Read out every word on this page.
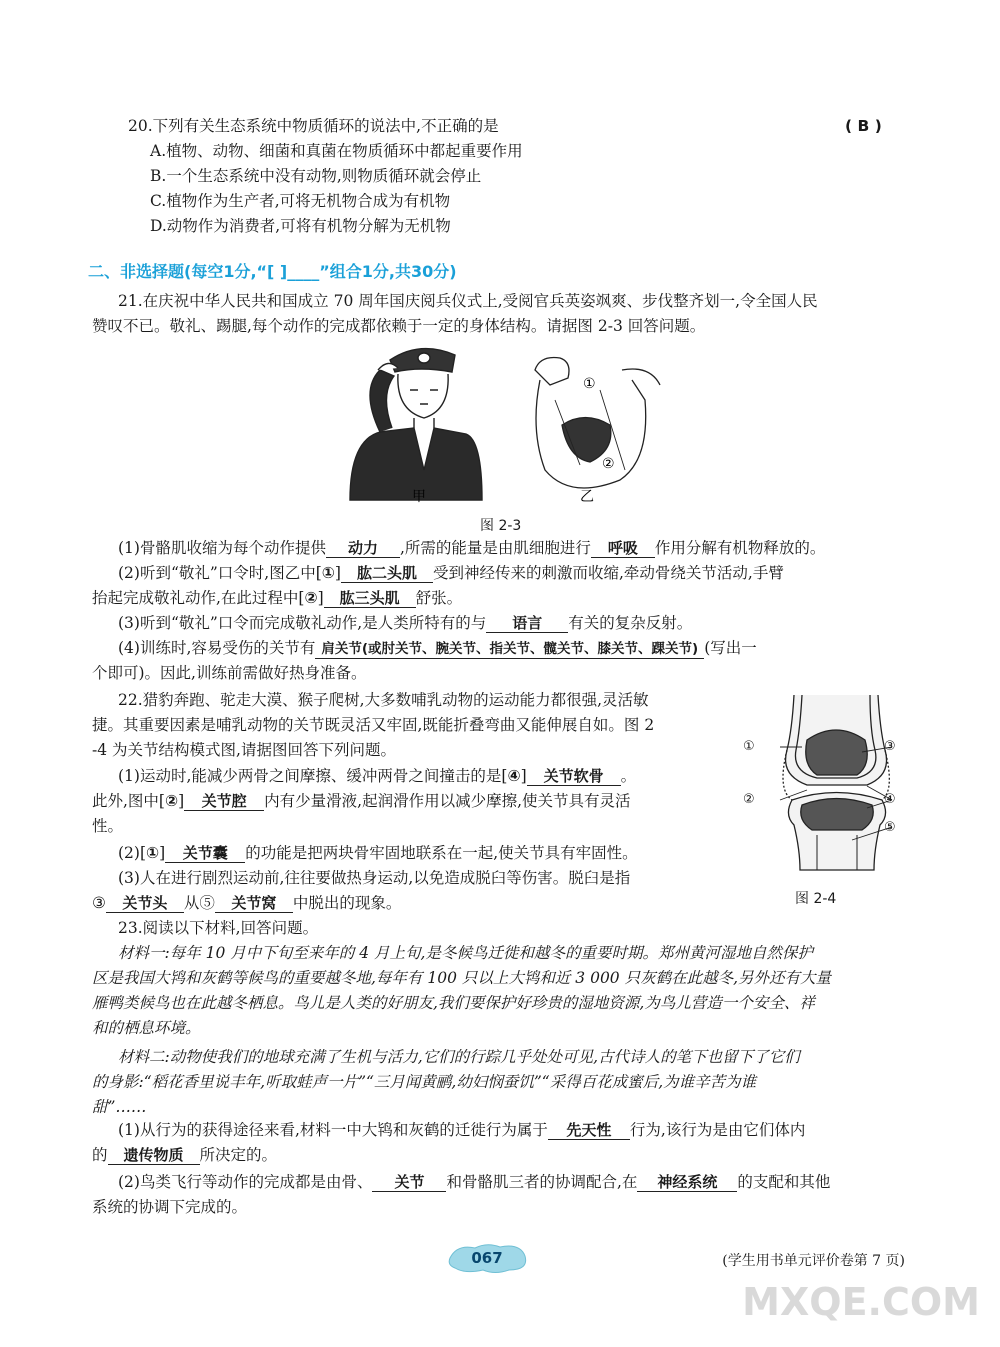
20.下列有关生态系统中物质循环的说法中,不正确的是	( B )
A.植物、动物、细菌和真菌在物质循环中都起重要作用
B.一个生态系统中没有动物,则物质循环就会停止
C.植物作为生产者,可将无机物合成为有机物
D.动物作为消费者,可将有机物分解为无机物
二、非选择题(每空1分,“[ ]____”组合1分,共30分)
21.在庆祝中华人民共和国成立 70 周年国庆阅兵仪式上,受阅官兵英姿飒爽、步伐整齐划一,令全国人民
赞叹不已。敬礼、踢腿,每个动作的完成都依赖于一定的身体结构。请据图 2-3 回答问题。
①
②
甲	乙
图 2-3
(1)骨骼肌收缩为每个动作提供 动力 ,所需的能量是由肌细胞进行 呼吸 作用分解有机物释放的。
(2)听到“敬礼”口令时,图乙中[①] 肱二头肌 受到神经传来的刺激而收缩,牵动骨绕关节活动,手臂
抬起完成敬礼动作,在此过程中[②] 肱三头肌 舒张。
(3)听到“敬礼”口令而完成敬礼动作,是人类所特有的与 语言 有关的复杂反射。
(4)训练时,容易受伤的关节有 肩关节(或肘关节、腕关节、指关节、髋关节、膝关节、踝关节) (写出一
个即可)。因此,训练前需做好热身准备。
22.猎豹奔跑、驼走大漠、猴子爬树,大多数哺乳动物的运动能力都很强,灵活敏
捷。其重要因素是哺乳动物的关节既灵活又牢固,既能折叠弯曲又能伸展自如。图 2
-4 为关节结构模式图,请据图回答下列问题。
(1)运动时,能减少两骨之间摩擦、缓冲两骨之间撞击的是[④] 关节软骨 。
此外,图中[②] 关节腔 内有少量滑液,起润滑作用以减少摩擦,使关节具有灵活
性。
(2)[①] 关节囊 的功能是把两块骨牢固地联系在一起,使关节具有牢固性。
(3)人在进行剧烈运动前,往往要做热身运动,以免造成脱臼等伤害。脱臼是指
③ 关节头 从⑤ 关节窝 中脱出的现象。
①
②
③
④
⑤
图 2-4
23.阅读以下材料,回答问题。
材料一:每年 10 月中下旬至来年的 4 月上旬,是冬候鸟迁徙和越冬的重要时期。郑州黄河湿地自然保护
区是我国大鸨和灰鹤等候鸟的重要越冬地,每年有 100 只以上大鸨和近 3 000 只灰鹤在此越冬,另外还有大量
雁鸭类候鸟也在此越冬栖息。鸟儿是人类的好朋友,我们要保护好珍贵的湿地资源,为鸟儿营造一个安全、祥
和的栖息环境。
材料二:动物使我们的地球充满了生机与活力,它们的行踪几乎处处可见,古代诗人的笔下也留下了它们
的身影:“稻花香里说丰年,听取蛙声一片”“三月闻黄鹂,幼妇悯蚕饥”“采得百花成蜜后,为谁辛苦为谁
甜”……
(1)从行为的获得途径来看,材料一中大鸨和灰鹤的迁徙行为属于 先天性 行为,该行为是由它们体内
的 遗传物质 所决定的。
(2)鸟类飞行等动作的完成都是由骨、 关节 和骨骼肌三者的协调配合,在 神经系统 的支配和其他
系统的协调下完成的。
067	(学生用书单元评价卷第 7 页)
MXQE.COM
